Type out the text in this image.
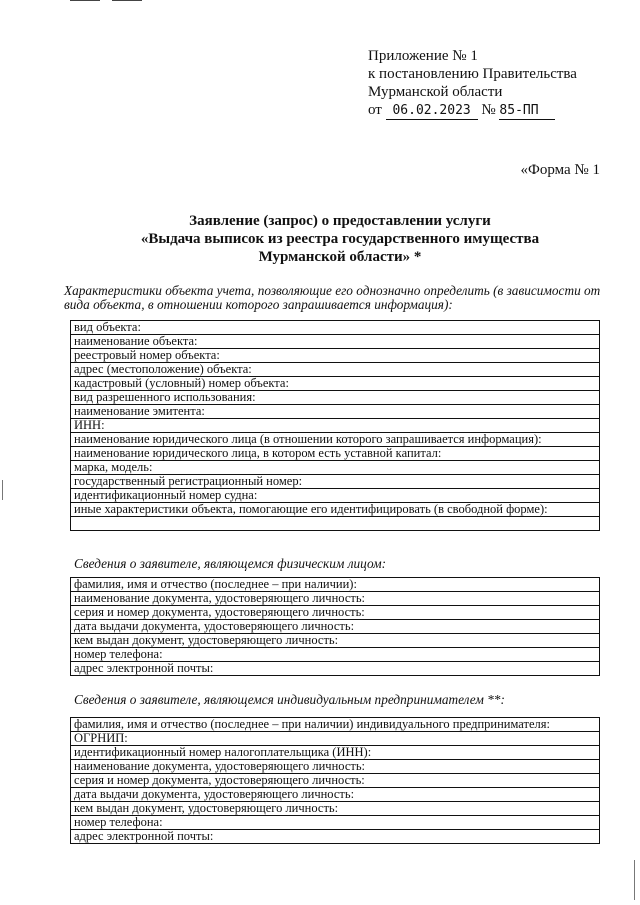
Приложение № 1
к постановлению Правительства
Мурманской области
от 06.02.2023 № 85-ПП
«Форма № 1
Заявление (запрос) о предоставлении услуги
«Выдача выписок из реестра государственного имущества
Мурманской области» *
Характеристики объекта учета, позволяющие его однозначно определить (в зависимости от вида объекта, в отношении которого запрашивается информация):
вид объекта:
наименование объекта:
реестровый номер объекта:
адрес (местоположение) объекта:
кадастровый (условный) номер объекта:
вид разрешенного использования:
наименование эмитента:
ИНН:
наименование юридического лица (в отношении которого запрашивается информация):
наименование юридического лица, в котором есть уставной капитал:
марка, модель:
государственный регистрационный номер:
идентификационный номер судна:
иные характеристики объекта, помогающие его идентифицировать (в свободной форме):

Сведения о заявителе, являющемся физическим лицом:
фамилия, имя и отчество (последнее – при наличии):
наименование документа, удостоверяющего личность:
серия и номер документа, удостоверяющего личность:
дата выдачи документа, удостоверяющего личность:
кем выдан документ, удостоверяющего личность:
номер телефона:
адрес электронной почты:
Сведения о заявителе, являющемся индивидуальным предпринимателем **:
фамилия, имя и отчество (последнее – при наличии) индивидуального предпринимателя:
ОГРНИП:
идентификационный номер налогоплательщика (ИНН):
наименование документа, удостоверяющего личность:
серия и номер документа, удостоверяющего личность:
дата выдачи документа, удостоверяющего личность:
кем выдан документ, удостоверяющего личность:
номер телефона:
адрес электронной почты:
